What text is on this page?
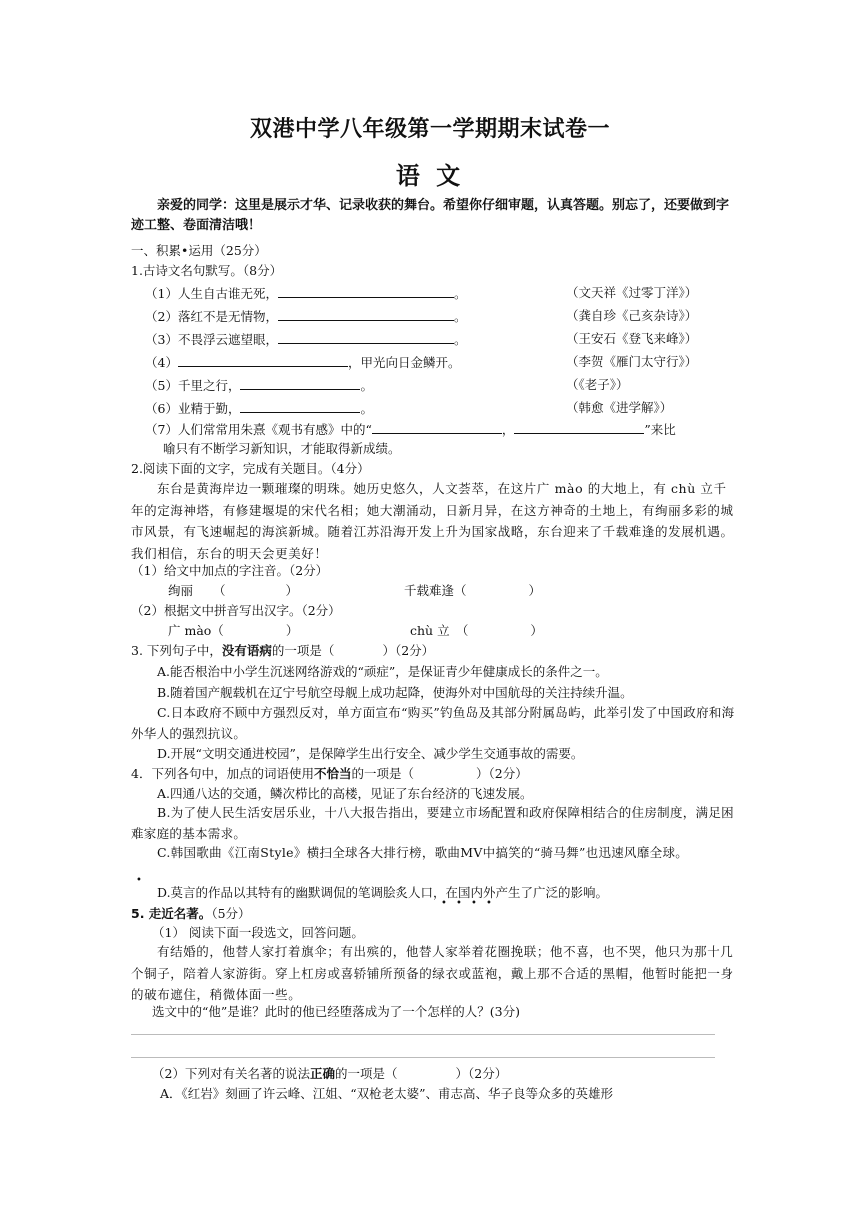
双港中学八年级第一学期期末试卷一
语 文
亲爱的同学：这里是展示才华、记录收获的舞台。希望你仔细审题，认真答题。别忘了，还要做到字迹工整、卷面清洁哦！
一、积累•运用（25分）
1.古诗文名句默写。（8分）
（1）人生自古谁无死，	。	（文天祥《过零丁洋》）
（2）落红不是无情物，	。	（龚自珍《己亥杂诗》）
（3）不畏浮云遮望眼，	。	（王安石《登飞来峰》）
（4）	，甲光向日金鳞开。	（李贺《雁门太守行》）
（5）千里之行，	。	（《老子》）
（6）业精于勤，	。	（韩愈《进学解》）
（7）人们常常用朱熹《观书有感》中的“	，	”来比
喻只有不断学习新知识，才能取得新成绩。
2.阅读下面的文字，完成有关题目。（4分）
东台是黄海岸边一颗璀璨的明珠。她历史悠久，人文荟萃，在这片广 mào 的大地上，有 chù 立千年的定海神塔，有修建堰堤的宋代名相；她大潮涌动，日新月异，在这方神奇的土地上，有绚丽多彩的城市风景，有飞速崛起的海滨新城。随着江苏沿海开发上升为国家战略，东台迎来了千载难逢的发展机遇。我们相信，东台的明天会更美好！
（1）给文中加点的字注音。（2分）
绚丽 （	）	千载难逢（	）
（2）根据文中拼音写出汉字。（2分）
广 mào（	）	chù 立　（	）
3. 下列句子中，没有语病的一项是（	）（2分）
A.能否根治中小学生沉迷网络游戏的“顽症”，是保证青少年健康成长的条件之一。
B.随着国产舰载机在辽宁号航空母舰上成功起降，使海外对中国航母的关注持续升温。
C.日本政府不顾中方强烈反对，单方面宣布“购买”钓鱼岛及其部分附属岛屿，此举引发了中国政府和海外华人的强烈抗议。
D.开展“文明交通进校园”，是保障学生出行安全、减少学生交通事故的需要。
4．下列各句中，加点的词语使用不恰当的一项是（	）（2分）
A.四通八达的交通，鳞次栉比的高楼，见证了东台经济的飞速发展。
B.为了使人民生活安居乐业，十八大报告指出，要建立市场配置和政府保障相结合的住房制度，满足困难家庭的基本需求。
C.韩国歌曲《江南Style》横扫全球各大排行榜，歌曲MV中搞笑的“骑马舞”也迅速风靡全球。
D.莫言的作品以其特有的幽默调侃的笔调脍炙人口，在国内外产生了广泛的影响。
•
• • • •
5. 走近名著。（5分）
（1） 阅读下面一段选文，回答问题。
有结婚的，他替人家打着旗伞；有出殡的，他替人家举着花圈挽联；他不喜，也不哭，他只为那十几个铜子，陪着人家游街。穿上杠房或喜轿铺所预备的绿衣或蓝袍，戴上那不合适的黑帽，他暂时能把一身的破布遮住，稍微体面一些。
选文中的“他”是谁？此时的他已经堕落成为了一个怎样的人？(3分)
（2）下列对有关名著的说法正确的一项是（	）（2分）
A．《红岩》刻画了许云峰、江姐、“双枪老太婆”、甫志高、华子良等众多的英雄形
